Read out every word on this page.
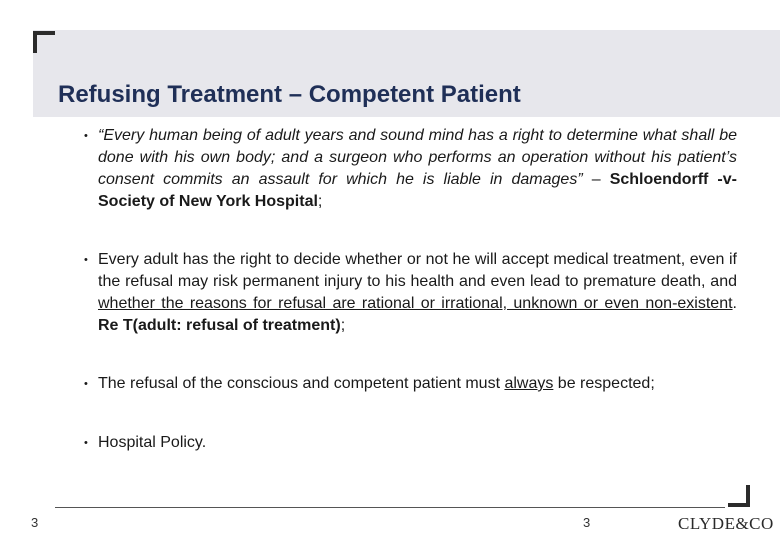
Refusing Treatment – Competent Patient
• “Every human being of adult years and sound mind has a right to determine what shall be done with his own body; and a surgeon who performs an operation without his patient’s consent commits an assault for which he is liable in damages” – Schloendorff -v- Society of New York Hospital;
• Every adult has the right to decide whether or not he will accept medical treatment, even if the refusal may risk permanent injury to his health and even lead to premature death, and whether the reasons for refusal are rational or irrational, unknown or even non-existent. Re T(adult: refusal of treatment);
• The refusal of the conscious and competent patient must always be respected;
• Hospital Policy.
3	3	CLYDE&CO
